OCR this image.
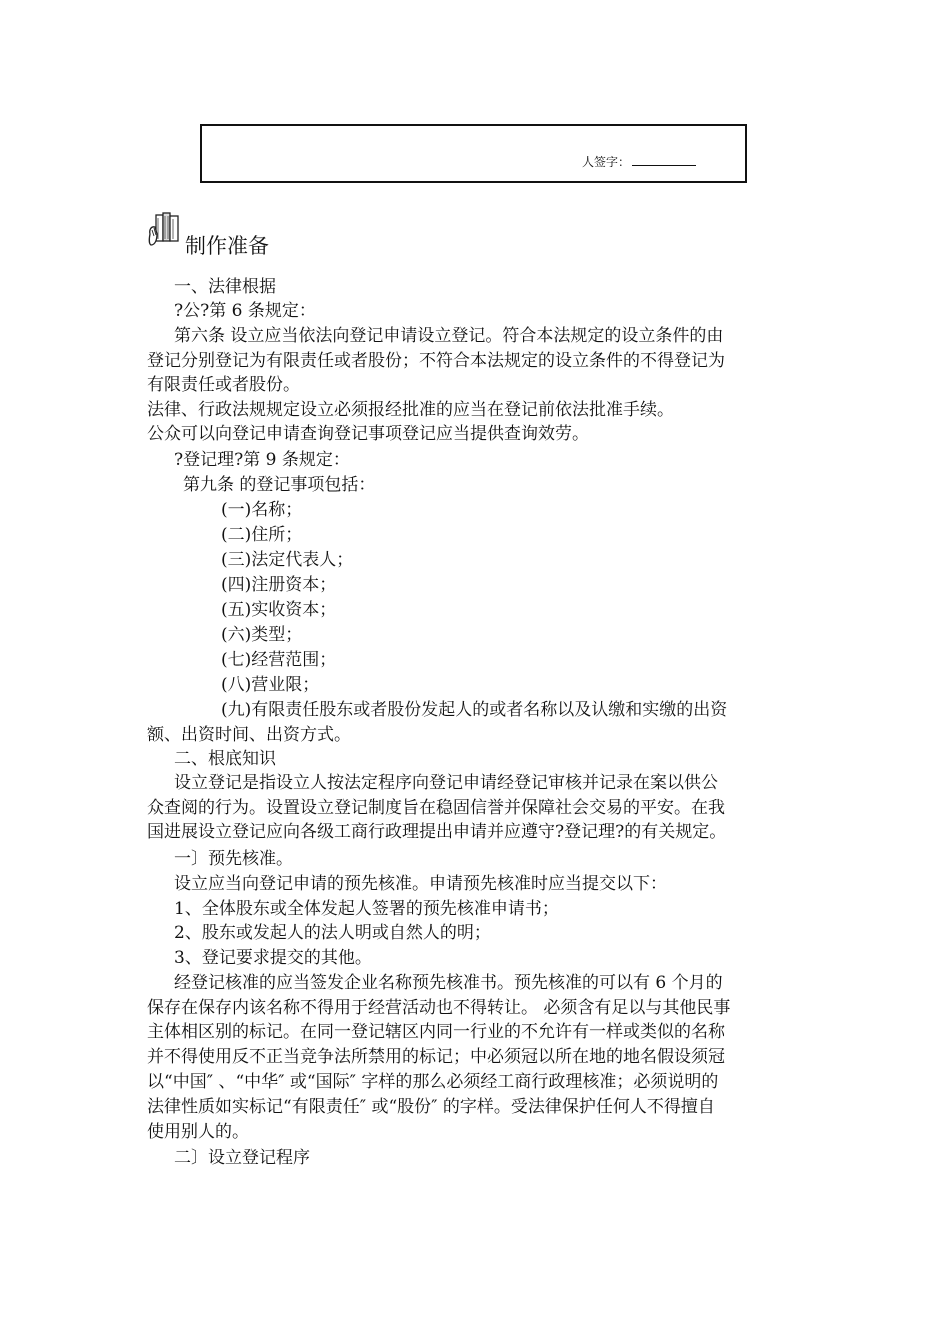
人签字：
制作准备

一、法律根据

?公?第 6 条规定：

第六条 设立应当依法向登记申请设立登记。符合本法规定的设立条件的由

登记分别登记为有限责任或者股份；不符合本法规定的设立条件的不得登记为

有限责任或者股份。

法律、行政法规规定设立必须报经批准的应当在登记前依法批准手续。

公众可以向登记申请查询登记事项登记应当提供查询效劳。

?登记理?第 9 条规定：

第九条 的登记事项包括：

(一)名称；

(二)住所；

(三)法定代表人；

(四)注册资本；

(五)实收资本；

(六)类型；

(七)经营范围；

(八)营业限；

(九)有限责任股东或者股份发起人的或者名称以及认缴和实缴的出资

额、出资时间、出资方式。

二、根底知识

设立登记是指设立人按法定程序向登记申请经登记审核并记录在案以供公

众查阅的行为。设置设立登记制度旨在稳固信誉并保障社会交易的平安。在我

国进展设立登记应向各级工商行政理提出申请并应遵守?登记理?的有关规定。

一〕预先核准。

设立应当向登记申请的预先核准。申请预先核准时应当提交以下：

1、全体股东或全体发起人签署的预先核准申请书；

2、股东或发起人的法人明或自然人的明；

3、登记要求提交的其他。

经登记核准的应当签发企业名称预先核准书。预先核准的可以有 6 个月的

保存在保存内该名称不得用于经营活动也不得转让。 必须含有足以与其他民事

主体相区别的标记。在同一登记辖区内同一行业的不允许有一样或类似的名称

并不得使用反不正当竞争法所禁用的标记；中必须冠以所在地的地名假设须冠

以“中国″ 、“中华″ 或“国际″ 字样的那么必须经工商行政理核准；必须说明的

法律性质如实标记“有限责任″ 或“股份″ 的字样。受法律保护任何人不得擅自

使用别人的。

二〕设立登记程序
